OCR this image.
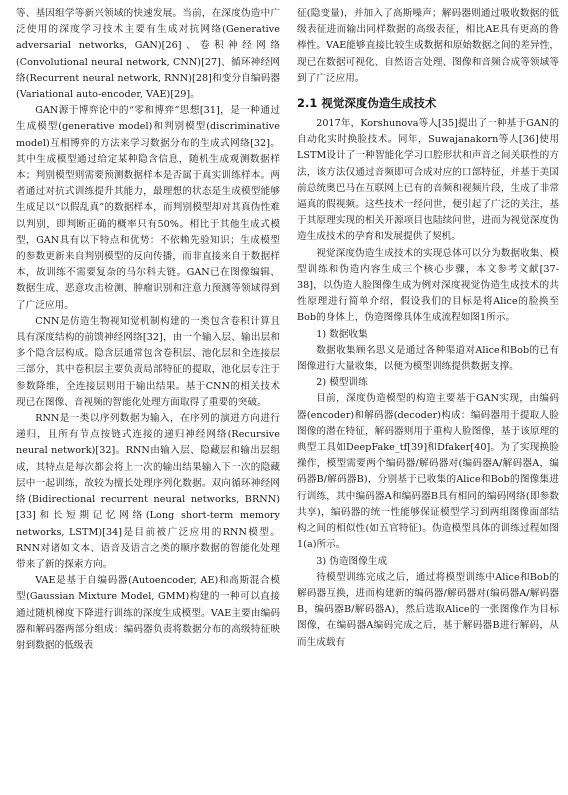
等、基因组学等新兴领域的快速发展。当前，在深度伪造中广泛使用的深度学习技术主要有生成对抗网络(Generative adversarial networks, GAN)[26]、卷积神经网络(Convolutional neural network, CNN)[27]、循环神经网络(Recurrent neural network, RNN)[28]和变分自编码器(Variational auto-encoder, VAE)[29]。

GAN源于博弈论中的“零和博弈”思想[31]，是一种通过生成模型(generative model)和判别模型(discriminative model)互相博弈的方法来学习数据分布的生成式网络[32]。其中生成模型通过给定某种隐含信息，随机生成观测数据样本；判别模型则需要预测数据样本是否属于真实训练样本。两者通过对抗式训练提升其能力，最理想的状态是生成模型能够生成足以“以假乱真”的数据样本，而判别模型却对其真伪性难以判别，即判断正确的概率只有50%。相比于其他生成式模型，GAN具有以下特点和优势：不依赖先验知识；生成模型的参数更新来自判别模型的反向传播，而非直接来自于数据样本，故训练不需要复杂的马尔科夫链。GAN已在图像编辑、数据生成、恶意攻击检测、肿瘤识别和注意力预测等领域得到了广泛应用。

CNN是仿造生物视知觉机制构建的一类包含卷积计算且具有深度结构的前馈神经网络[32]，由一个输入层、输出层和多个隐含层构成。隐含层通常包含卷积层、池化层和全连接层三部分，其中卷积层主要负责局部特征的提取，池化层专注于参数降维，全连接层则用于输出结果。基于CNN的相关技术现已在图像、音视频的智能化处理方面取得了重要的突破。

RNN是一类以序列数据为输入，在序列的演进方向进行递归，且所有节点按链式连接的递归神经网络(Recursive neural network)[32]。RNN由输入层、隐藏层和输出层组成，其特点是每次都会将上一次的输出结果输入下一次的隐藏层中一起训练，故较为擅长处理序列化数据。双向循环神经网络(Bidirectional recurrent neural networks, BRNN)[33]和长短期记忆网络(Long short-term memory networks, LSTM)[34]是目前被广泛应用的RNN模型。RNN对诸如文本、语音及语言之类的顺序数据的智能化处理带来了新的探索方向。

VAE是基于自编码器(Autoencoder, AE)和高斯混合模型(Gaussian Mixture Model, GMM)构建的一种可以直接通过随机梯度下降进行训练的深度生成模型。VAE主要由编码器和解码器两部分组成：编码器负责将数据分布的高级特征映射到数据的低级表

征(隐变量)，并加入了高斯噪声；解码器则通过吸收数据的低级表征进而输出同样数据的高级表征，相比AE具有更高的鲁棒性。VAE能够直接比较生成数据和原始数据之间的差异性，现已在数据可视化、自然语言处理、图像和音频合成等领域等到了广泛应用。

2.1 视觉深度伪造生成技术

2017年，Korshunova等人[35]提出了一种基于GAN的自动化实时换脸技术。同年，Suwajanakorn等人[36]使用LSTM设计了一种智能化学习口腔形状和声音之间关联性的方法，该方法仅通过音频即可合成对应的口部特征，并基于美国前总统奥巴马在互联网上已有的音频和视频片段，生成了非常逼真的假视频。这些技术一经问世，便引起了广泛的关注，基于其原理实现的相关开源项目也陆续问世，进而为视觉深度伪造生成技术的孕育和发展提供了契机。

视觉深度伪造生成技术的实现总体可以分为数据收集、模型训练和伪造内容生成三个核心步骤，本文参考文献[37-38]，以伪造人脸图像生成为例对深度视觉伪造生成技术的共性原理进行简单介绍，假设我们的目标是将Alice的脸换至Bob的身体上，伪造图像具体生成流程如图1所示。

1) 数据收集

数据收集顾名思义是通过各种渠道对Alice和Bob的已有图像进行大量收集，以便为模型训练提供数据支撑。

2) 模型训练

目前，深度伪造模型的构造主要基于GAN实现，由编码器(encoder)和解码器(decoder)构成：编码器用于提取人脸图像的潜在特征，解码器则用于重构人脸图像，基于该原理的典型工具如DeepFake_tf[39]和Dfaker[40]。为了实现换脸操作，模型需要两个编码器/解码器对(编码器A/解码器A，编码器B/解码器B)，分别基于已收集的Alice和Bob的图像集进行训练，其中编码器A和编码器B具有相同的编码网络(即参数共享)，编码器的统一性能够保证模型学习到两组图像面部结构之间的相似性(如五官特征)。伪造模型具体的训练过程如图1(a)所示。

3) 伪造图像生成

待模型训练完成之后，通过将模型训练中Alice和Bob的解码器互换，进而构建新的编码器/解码器对(编码器A/解码器B，编码器B/解码器A)，然后选取Alice的一张图像作为目标图像，在编码器A编码完成之后，基于解码器B进行解码，从而生成载有
